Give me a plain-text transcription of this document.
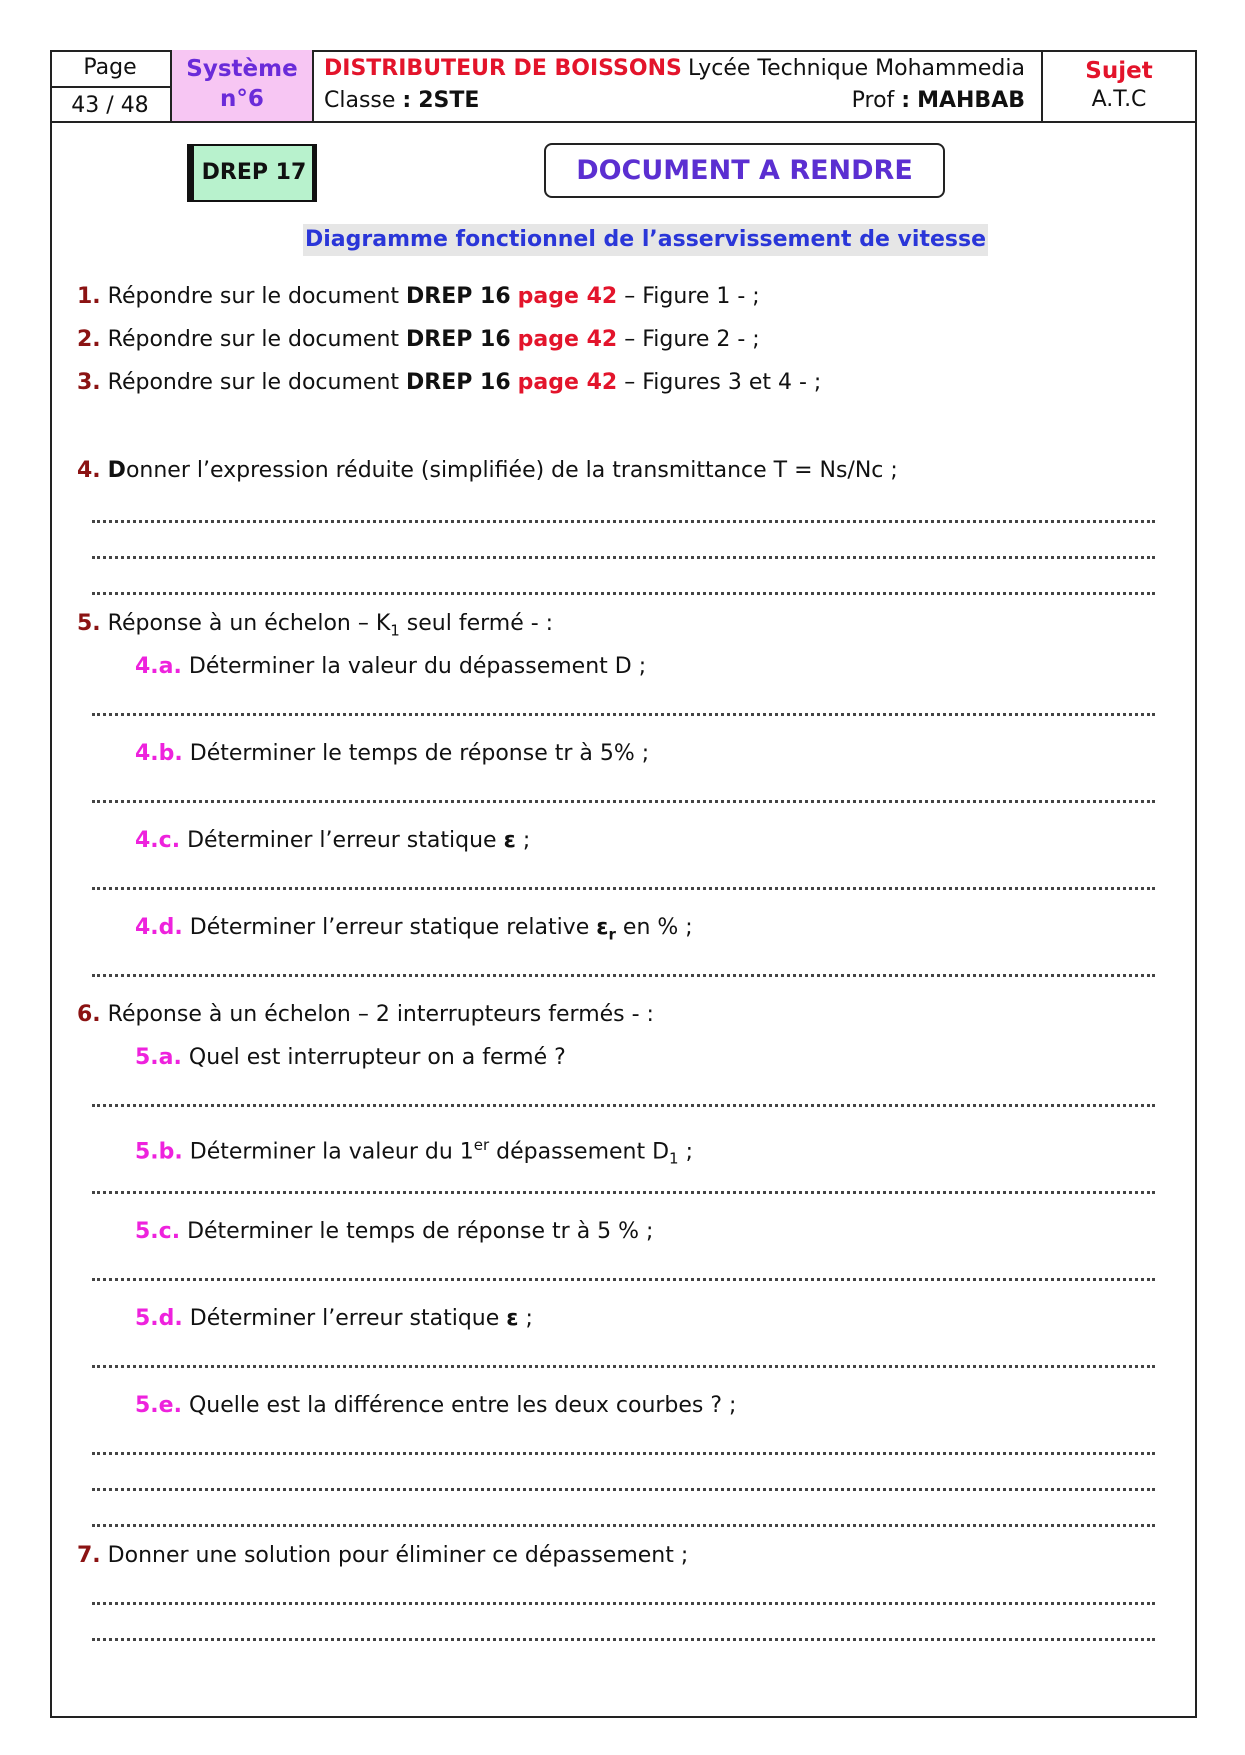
Page
43 / 48
Système
n°6
DISTRIBUTEUR DE BOISSONS Lycée Technique Mohammedia
Classe : 2STE	Prof : MAHBAB
Sujet
A.T.C
DREP 17	DOCUMENT A RENDRE
Diagramme fonctionnel de l’asservissement de vitesse
1. Répondre sur le document DREP 16 page 42 – Figure 1 - ;
2. Répondre sur le document DREP 16 page 42 – Figure 2 - ;
3. Répondre sur le document DREP 16 page 42 – Figures 3 et 4 - ;
4. Donner l’expression réduite (simplifiée) de la transmittance T = Ns/Nc ;
5. Réponse à un échelon – $K_1$ seul fermé - :
4.a. Déterminer la valeur du dépassement D ;
4.b. Déterminer le temps de réponse tr à 5% ;
4.c. Déterminer l’erreur statique ε ;
4.d. Déterminer l’erreur statique relative $\varepsilon_r$ en % ;
6. Réponse à un échelon – 2 interrupteurs fermés - :
5.a. Quel est interrupteur on a fermé ?
5.b. Déterminer la valeur du 1er dépassement $D_1$ ;
5.c. Déterminer le temps de réponse tr à 5 % ;
5.d. Déterminer l’erreur statique ε ;
5.e. Quelle est la différence entre les deux courbes ? ;
7. Donner une solution pour éliminer ce dépassement ;
